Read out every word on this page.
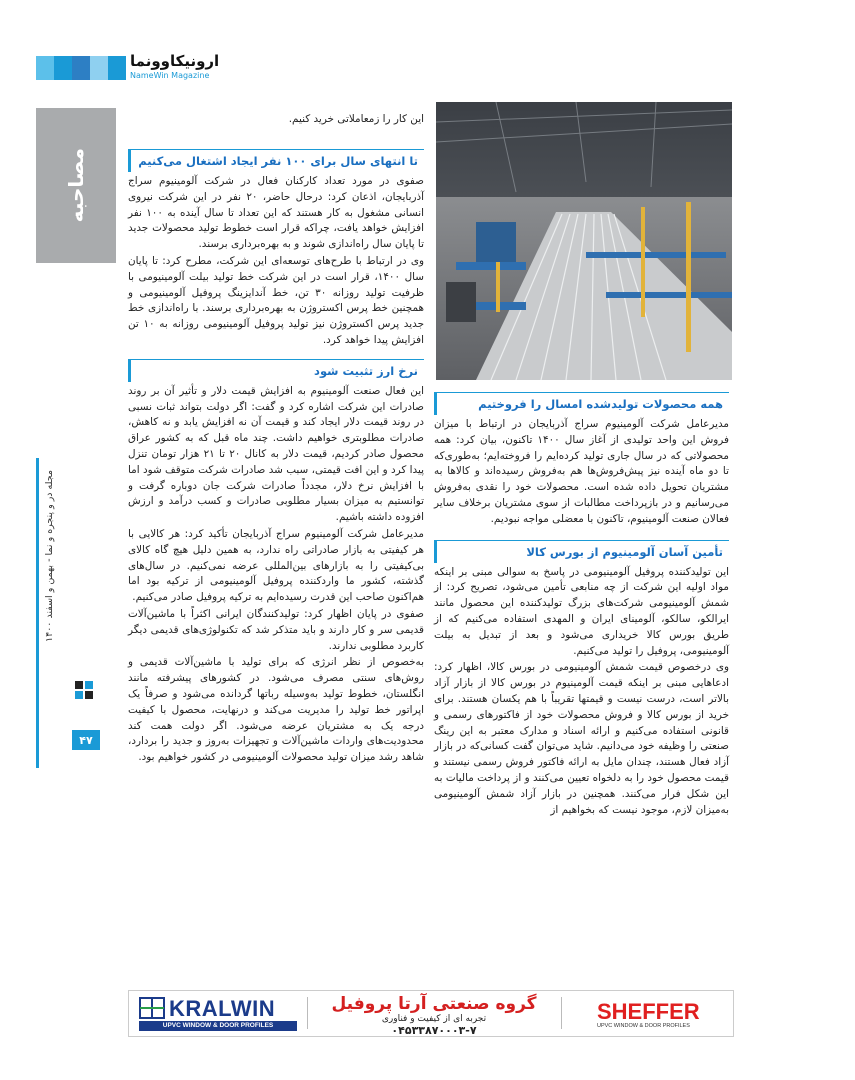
ارونیکاو‌ونما
NameWin Magazine
مصاحبه
مجله در و پنجره و نما - بهمن و اسفند ۱۴۰۰
۴۷

این کار را زمعاملاتی خرید کنیم.

تا انتهای سال برای ۱۰۰ نفر ایجاد اشتغال می‌کنیم

صفوی در مورد تعداد کارکنان فعال در شرکت آلومینیوم سراج آذربایجان، اذعان کرد: درحال حاضر، ۲۰ نفر در این شرکت نیروی انسانی مشغول به کار هستند که این تعداد تا سال آینده به ۱۰۰ نفر افزایش خواهد یافت، چراکه قرار است خطوط تولید محصولات جدید تا پایان سال راه‌اندازی شوند و به بهره‌برداری برسند.

وی در ارتباط با طرح‌های توسعه‌ای این شرکت، مطرح کرد: تا پایان سال ۱۴۰۰، قرار است در این شرکت خط تولید بیلت آلومینیومی با ظرفیت تولید روزانه ۳۰ تن، خط آندایزینگ پروفیل آلومینیومی و همچنین خط پرس اکستروژن به بهره‌برداری برسند. با راه‌اندازی خط جدید پرس اکستروژن نیز تولید پروفیل آلومینیومی روزانه به ۱۰ تن افزایش پیدا خواهد کرد.

نرخ ارز تثبیت شود

این فعال صنعت آلومینیوم به افزایش قیمت دلار و تأثیر آن بر روند صادرات این شرکت اشاره کرد و گفت: اگر دولت بتواند ثبات نسبی در روند قیمت دلار ایجاد کند و قیمت آن نه افزایش یابد و نه کاهش، صادرات مطلوبتری خواهیم داشت. چند ماه قبل که به کشور عراق محصول صادر کردیم، قیمت دلار به کانال ۲۰ تا ۲۱ هزار تومان تنزل پیدا کرد و این افت قیمتی، سبب شد صادرات شرکت متوقف شود اما با افزایش نرخ دلار، مجدداً صادرات شرکت جان دوباره گرفت و توانستیم به میزان بسیار مطلوبی صادرات و کسب درآمد و ارزش افزوده داشته باشیم.

مدیرعامل شرکت آلومینیوم سراج آذربایجان تأکید کرد: هر کالایی با هر کیفیتی به بازار صادراتی راه ندارد، به همین دلیل هیچ گاه کالای بی‌کیفیتی را به بازارهای بین‌المللی عرضه نمی‌کنیم. در سال‌های گذشته، کشور ما واردکننده پروفیل آلومینیومی از ترکیه بود اما هم‌اکنون صاحب این قدرت رسیده‌ایم به ترکیه پروفیل صادر می‌کنیم.

صفوی در پایان اظهار کرد: تولیدکنندگان ایرانی اکثراً با ماشین‌آلات قدیمی سر و کار دارند و باید متذکر شد که تکنولوژی‌های قدیمی دیگر کاربرد مطلوبی ندارند.

به‌خصوص از نظر انرژی که برای تولید با ماشین‌آلات قدیمی و روش‌های سنتی مصرف می‌شود. در کشورهای پیشرفته مانند انگلستان، خطوط تولید به‌وسیله رباتها گردانده می‌شود و صرفاً یک اپراتور خط تولید را مدیریت می‌کند و درنهایت، محصول با کیفیت درجه یک به مشتریان عرضه می‌شود. اگر دولت همت کند محدودیت‌های واردات ماشین‌آلات و تجهیزات به‌روز و جدید را بردارد، شاهد رشد میزان تولید محصولات آلومینیومی در کشور خواهیم بود.

همه محصولات تولیدشده امسال را فروختیم

مدیرعامل شرکت آلومینیوم سراج آذربایجان در ارتباط با میزان فروش این واحد تولیدی از آغاز سال ۱۴۰۰ تاکنون، بیان کرد: همه محصولاتی که در سال جاری تولید کرده‌ایم را فروخته‌ایم؛ به‌طوری‌که تا دو ماه آینده نیز پیش‌فروش‌ها هم به‌فروش رسیده‌اند و کالاها به مشتریان تحویل داده شده است. محصولات خود را نقدی به‌فروش می‌رسانیم و در بازپرداخت مطالبات از سوی مشتریان برخلاف سایر فعالان صنعت آلومینیوم، تاکنون با معضلی مواجه نبودیم.

تأمین آسان آلومینیوم از بورس کالا

این تولیدکننده پروفیل آلومینیومی در پاسخ به سوالی مبنی بر اینکه مواد اولیه این شرکت از چه منابعی تأمین می‌شود، تصریح کرد: از شمش آلومینیومی شرکت‌های بزرگ تولیدکننده این محصول مانند ایرالکو، سالکو، آلومینای ایران و المهدی استفاده می‌کنیم که از طریق بورس کالا خریداری می‌شود و بعد از تبدیل به بیلت آلومینیومی، پروفیل را تولید می‌کنیم.

وی درخصوص قیمت شمش آلومینیومی در بورس کالا، اظهار کرد: ادعاهایی مبنی بر اینکه قیمت آلومینیوم در بورس کالا از بازار آزاد بالاتر است، درست نیست و قیمتها تقریباً با هم یکسان هستند. برای خرید از بورس کالا و فروش محصولات خود از فاکتورهای رسمی و قانونی استفاده می‌کنیم و ارائه اسناد و مدارک معتبر به این رینگ صنعتی را وظیفه خود می‌دانیم. شاید می‌توان گفت کسانی‌که در بازار آزاد فعال هستند، چندان مایل به ارائه فاکتور فروش رسمی نیستند و قیمت محصول خود را به دلخواه تعیین می‌کنند و از پرداخت مالیات به این شکل فرار می‌کنند. همچنین در بازار آزاد شمش آلومینیومی به‌میزان لازم، موجود نیست که بخواهیم از

KRALWIN
UPVC WINDOW & DOOR PROFILES
گروه صنعتی آرتا پروفیل
تجربه ای از کیفیت و فناوری
۰۴۵۳۳۸۷۰۰۰۳-۷
SHEFFER
UPVC WINDOW & DOOR PROFILES
